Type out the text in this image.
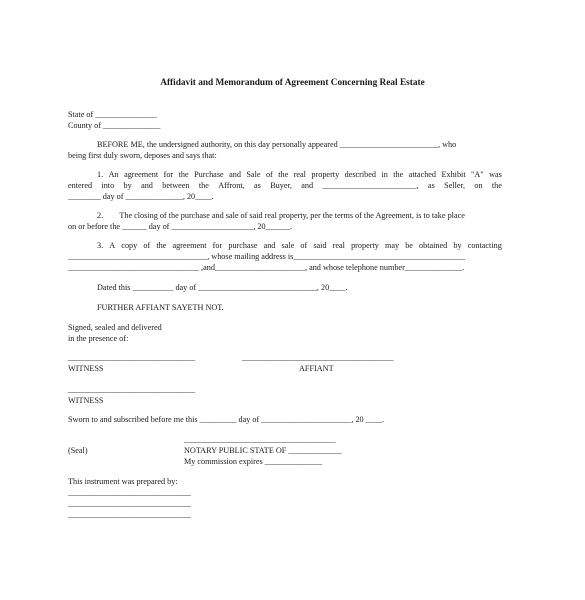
Affidavit and Memorandum of Agreement Concerning Real Estate
State of _______________
County of ______________
BEFORE ME, the undersigned authority, on this day personally appeared ________________________, who
being first duly sworn, deposes and says that:
1. An agreement for the Purchase and Sale of the real property described in the attached Exhibit "A" was
entered into by and between the Affront, as Buyer, and _______________________, as Seller, on the
________ day of ______________, 20____.
2.        The closing of the purchase and sale of said real property, per the terms of the Agreement, is to take place
on or before the ______ day of ____________________, 20______.
3. A copy of the agreement for purchase and sale of said real property may be obtained by contacting
__________________________________, whose mailing address is__________________________________________
________________________________ ,and______________________, and whose telephone number______________.
Dated this __________ day of _____________________________, 20____.
FURTHER AFFIANT SAYETH NOT.
Signed, sealed and delivered
in the presence of:
_______________________________	_____________________________________
WITNESS	AFFIANT
_______________________________
WITNESS
Sworn to and subscribed before me this _________ day of ______________________, 20 ____.
_____________________________________
(Seal)	NOTARY PUBLIC STATE OF _____________
My commission expires ______________
This instrument was prepared by:
______________________________
______________________________
______________________________
